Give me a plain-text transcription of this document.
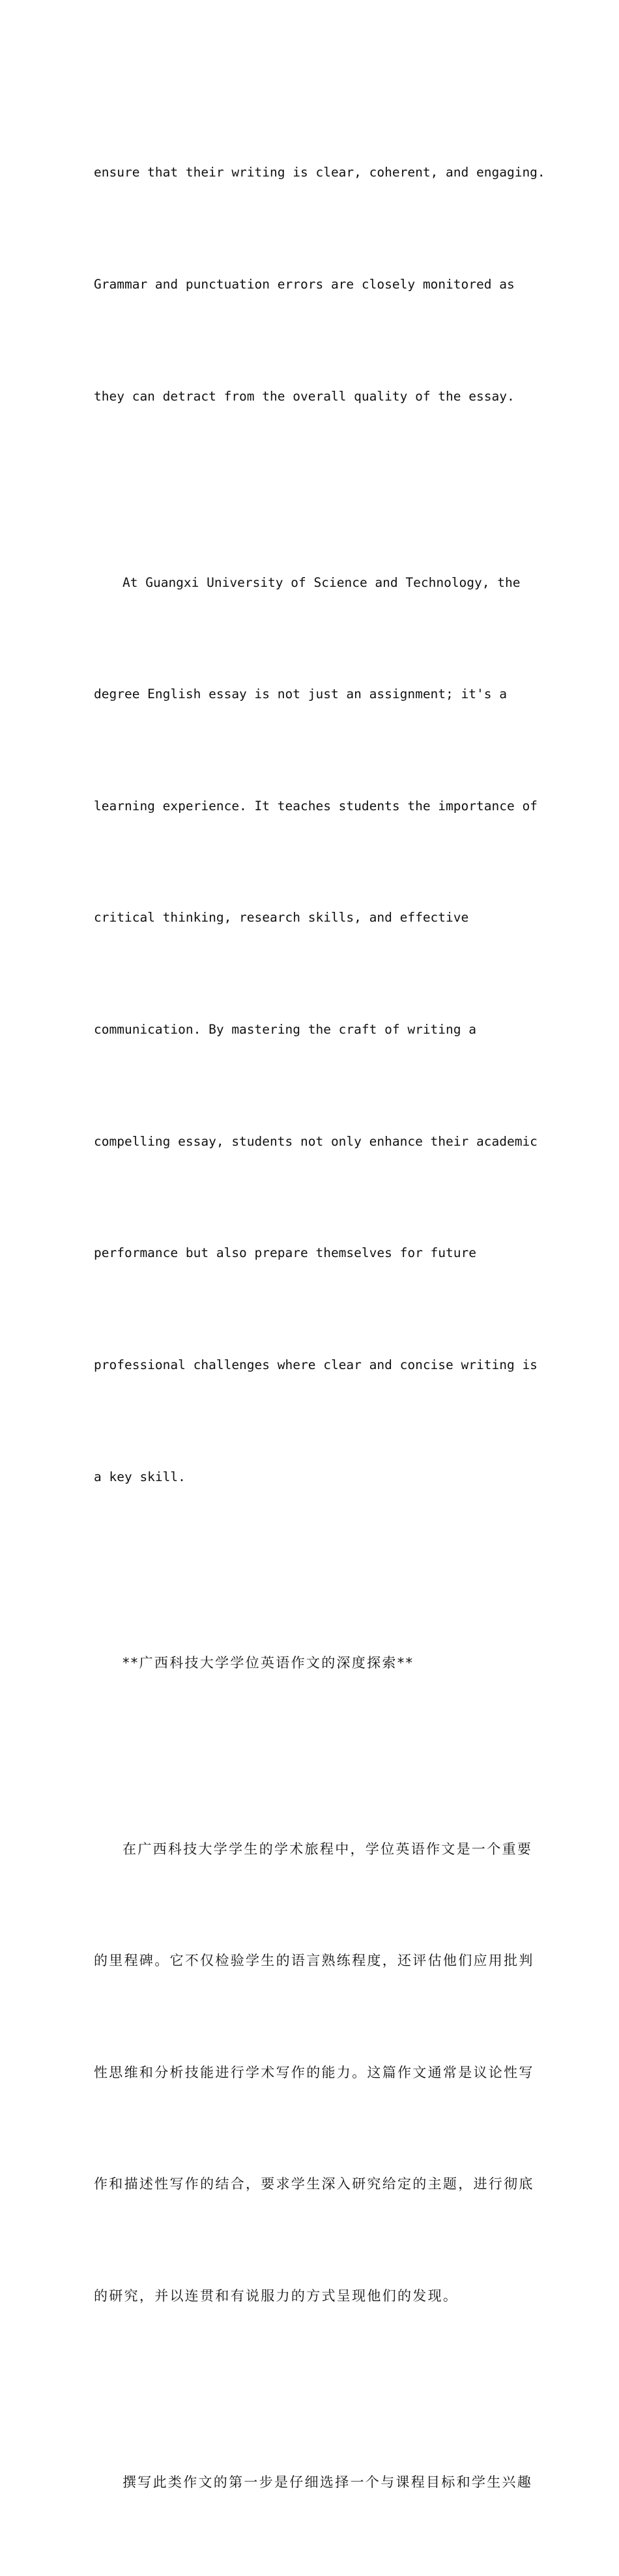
ensure that their writing is clear, coherent, and engaging.

Grammar and punctuation errors are closely monitored as

they can detract from the overall quality of the essay.

At Guangxi University of Science and Technology, the

degree English essay is not just an assignment; it's a

learning experience. It teaches students the importance of

critical thinking, research skills, and effective

communication. By mastering the craft of writing a

compelling essay, students not only enhance their academic

performance but also prepare themselves for future

professional challenges where clear and concise writing is

a key skill.

**广西科技大学学位英语作文的深度探索**

在广西科技大学学生的学术旅程中，学位英语作文是一个重要

的里程碑。它不仅检验学生的语言熟练程度，还评估他们应用批判

性思维和分析技能进行学术写作的能力。这篇作文通常是议论性写

作和描述性写作的结合，要求学生深入研究给定的主题，进行彻底

的研究，并以连贯和有说服力的方式呈现他们的发现。

撰写此类作文的第一步是仔细选择一个与课程目标和学生兴趣
